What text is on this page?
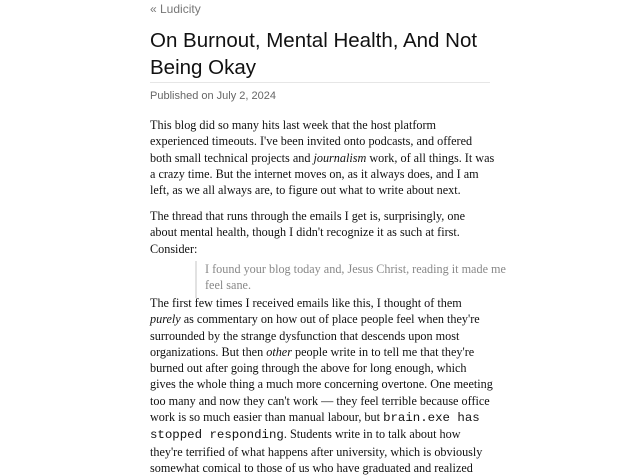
« Ludicity
On Burnout, Mental Health, And Not Being Okay
Published on July 2, 2024

This blog did so many hits last week that the host platform experienced timeouts. I've been invited onto podcasts, and offered both small technical projects and journalism work, of all things. It was a crazy time. But the internet moves on, as it always does, and I am left, as we all always are, to figure out what to write about next.

The thread that runs through the emails I get is, surprisingly, one about mental health, though I didn't recognize it as such at first. Consider:

I found your blog today and, Jesus Christ, reading it made me feel sane.

The first few times I received emails like this, I thought of them purely as commentary on how out of place people feel when they're surrounded by the strange dysfunction that descends upon most organizations. But then other people write in to tell me that they're burned out after going through the above for long enough, which gives the whole thing a much more concerning overtone. One meeting too many and now they can't work — they feel terrible because office work is so much easier than manual labour, but brain.exe has stopped responding. Students write in to talk about how they're terrified of what happens after university, which is obviously somewhat comical to those of us who have graduated and realized
